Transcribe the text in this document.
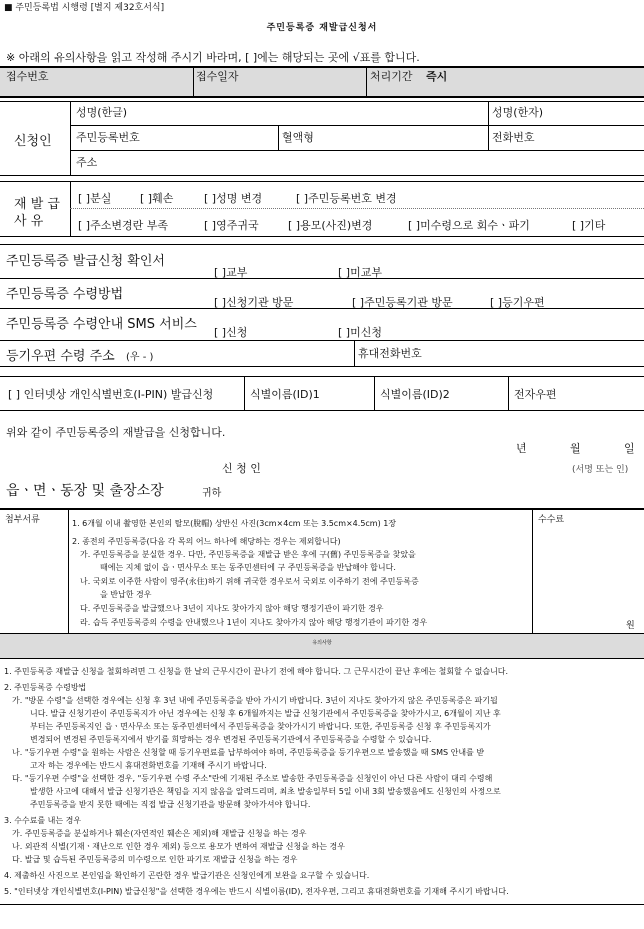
■ 주민등록법 시행령 [별지 제32호서식]
주민등록증 재발급신청서
※ 아래의 유의사항을 읽고 작성해 주시기 바라며, [ ]에는 해당되는 곳에 √표를 합니다.
접수번호	접수일자	처리기간 즉시
신청인
성명(한글)	성명(한자)
주민등록번호	혈액형	전화번호
주소
재 발 급
사 유
[ ]분실	[ ]훼손	[ ]성명 변경	[ ]주민등록번호 변경
[ ]주소변경란 부족	[ ]영주귀국	[ ]용모(사진)변경	[ ]미수령으로 회수ㆍ파기	[ ]기타
주민등록증 발급신청 확인서
[ ]교부	[ ]미교부
주민등록증 수령방법
[ ]신청기관 방문	[ ]주민등록기관 방문	[ ]등기우편
주민등록증 수령안내 SMS 서비스
[ ]신청	[ ]미신청
등기우편 수령 주소 (우 - )	휴대전화번호
[ ] 인터넷상 개인식별번호(I-PIN) 발급신청	식별이름(ID)1	식별이름(ID)2	전자우편
위와 같이 주민등록증의 재발급을 신청합니다.
년	월	일
신 청 인	(서명 또는 인)
읍ㆍ면ㆍ동장 및 출장소장	귀하
첨부서류	수수료
원
1. 6개월 이내 촬영한 본인의 탈모(脫帽) 상반신 사진(3cm×4cm 또는 3.5cm×4.5cm) 1장
2. 종전의 주민등록증(다음 각 목의 어느 하나에 해당하는 경우는 제외합니다)
가. 주민등록증을 분실한 경우. 다만, 주민등록증을 재발급 받은 후에 구(舊) 주민등록증을 찾았을
때에는 지체 없이 읍ㆍ면사무소 또는 동주민센터에 구 주민등록증을 반납해야 합니다.
나. 국외로 이주한 사람이 영주(永住)하기 위해 귀국한 경우로서 국외로 이주하기 전에 주민등록증
을 반납한 경우
다. 주민등록증을 발급했으나 3년이 지나도 찾아가지 않아 해당 행정기관이 파기한 경우
라. 습득 주민등록증의 수령을 안내했으나 1년이 지나도 찾아가지 않아 해당 행정기관이 파기한 경우
유의사항
1. 주민등록증 재발급 신청을 철회하려면 그 신청을 한 날의 근무시간이 끝나기 전에 해야 합니다. 그 근무시간이 끝난 후에는 철회할 수 없습니다.
2. 주민등록증 수령방법
가. "방문 수령"을 선택한 경우에는 신청 후 3년 내에 주민등록증을 받아 가시기 바랍니다. 3년이 지나도 찾아가지 않은 주민등록증은 파기됩
니다. 발급 신청기관이 주민등록지가 아닌 경우에는 신청 후 6개월까지는 발급 신청기관에서 주민등록증을 찾아가시고, 6개월이 지난 후
부터는 주민등록지인 읍ㆍ면사무소 또는 동주민센터에서 주민등록증을 찾아가시기 바랍니다. 또한, 주민등록증 신청 후 주민등록지가
변경되어 변경된 주민등록지에서 받기를 희망하는 경우 변경된 주민등록기관에서 주민등록증을 수령할 수 있습니다.
나. "등기우편 수령"을 원하는 사람은 신청할 때 등기우편료를 납부하여야 하며, 주민등록증을 등기우편으로 발송했을 때 SMS 안내를 받
고자 하는 경우에는 반드시 휴대전화번호를 기재해 주시기 바랍니다.
다. "등기우편 수령"을 선택한 경우, "등기우편 수령 주소"란에 기재된 주소로 발송한 주민등록증을 신청인이 아닌 다른 사람이 대리 수령해
발생한 사고에 대해서 발급 신청기관은 책임을 지지 않음을 알려드리며, 최초 발송일부터 5일 이내 3회 발송했음에도 신청인의 사정으로
주민등록증을 받지 못한 때에는 직접 발급 신청기관을 방문해 찾아가셔야 합니다.
3. 수수료를 내는 경우
가. 주민등록증을 분실하거나 훼손(자연적인 훼손은 제외)해 재발급 신청을 하는 경우
나. 외관적 식별(기재ㆍ재난으로 인한 경우 제외) 등으로 용모가 변하여 재발급 신청을 하는 경우
다. 발급 및 습득된 주민등록증의 미수령으로 인한 파기로 재발급 신청을 하는 경우
4. 제출하신 사진으로 본인임을 확인하기 곤란한 경우 발급기관은 신청인에게 보완을 요구할 수 있습니다.
5. "인터넷상 개인식별번호(I-PIN) 발급신청"을 선택한 경우에는 반드시 식별이름(ID), 전자우편, 그리고 휴대전화번호를 기재해 주시기 바랍니다.
